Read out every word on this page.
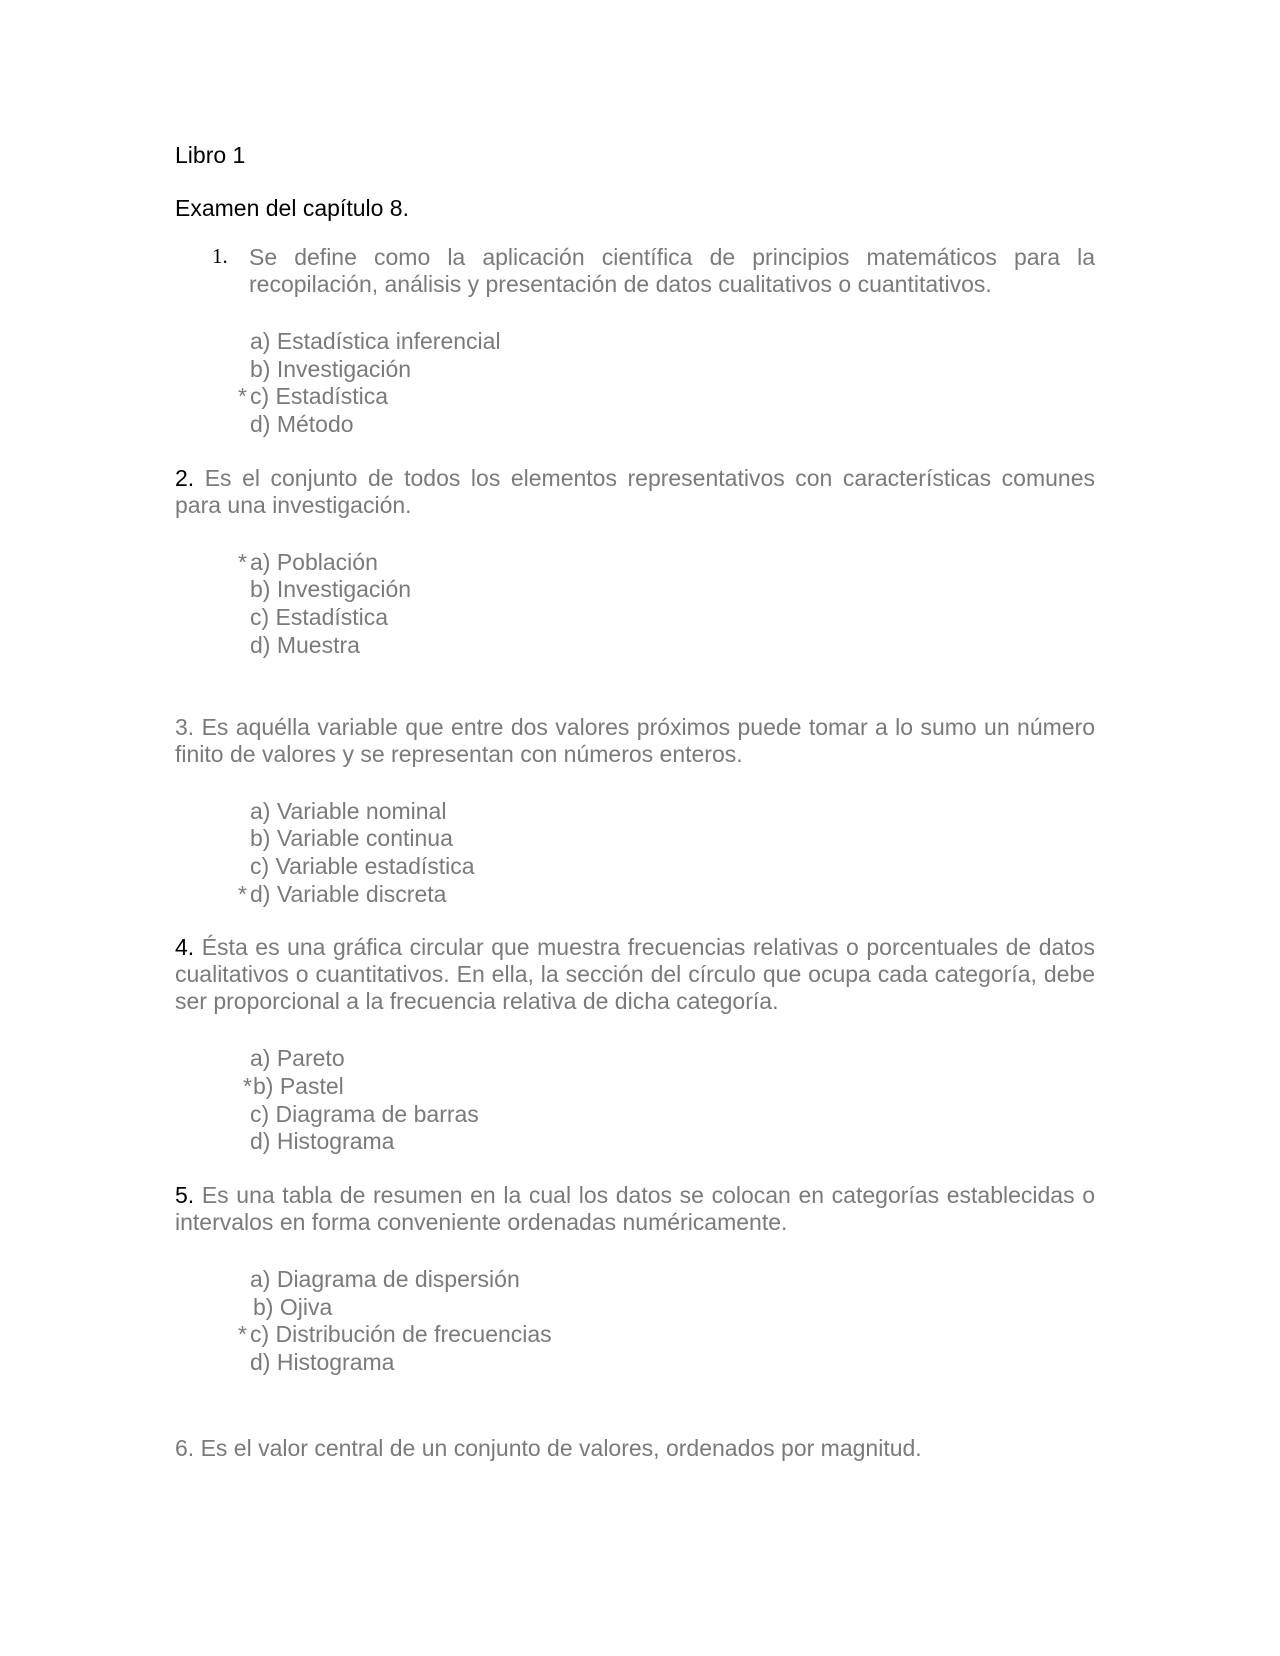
Libro 1

Examen del capítulo 8.

1. Se define como la aplicación científica de principios matemáticos para la recopilación, análisis y presentación de datos cualitativos o cuantitativos.
a) Estadística inferencial
b) Investigación
* c) Estadística
d) Método

2. Es el conjunto de todos los elementos representativos con características comunes para una investigación.

* a) Población
b) Investigación
c) Estadística
d) Muestra

3. Es aquélla variable que entre dos valores próximos puede tomar a lo sumo un número finito de valores y se representan con números enteros.

a) Variable nominal
b) Variable continua
c) Variable estadística
* d) Variable discreta

4. Ésta es una gráfica circular que muestra frecuencias relativas o porcentuales de datos cualitativos o cuantitativos. En ella, la sección del círculo que ocupa cada categoría, debe ser proporcional a la frecuencia relativa de dicha categoría.

a) Pareto
* b) Pastel
c) Diagrama de barras
d) Histograma

5. Es una tabla de resumen en la cual los datos se colocan en categorías establecidas o intervalos en forma conveniente ordenadas numéricamente.

a) Diagrama de dispersión
b) Ojiva
* c) Distribución de frecuencias
d) Histograma

6. Es el valor central de un conjunto de valores, ordenados por magnitud.
